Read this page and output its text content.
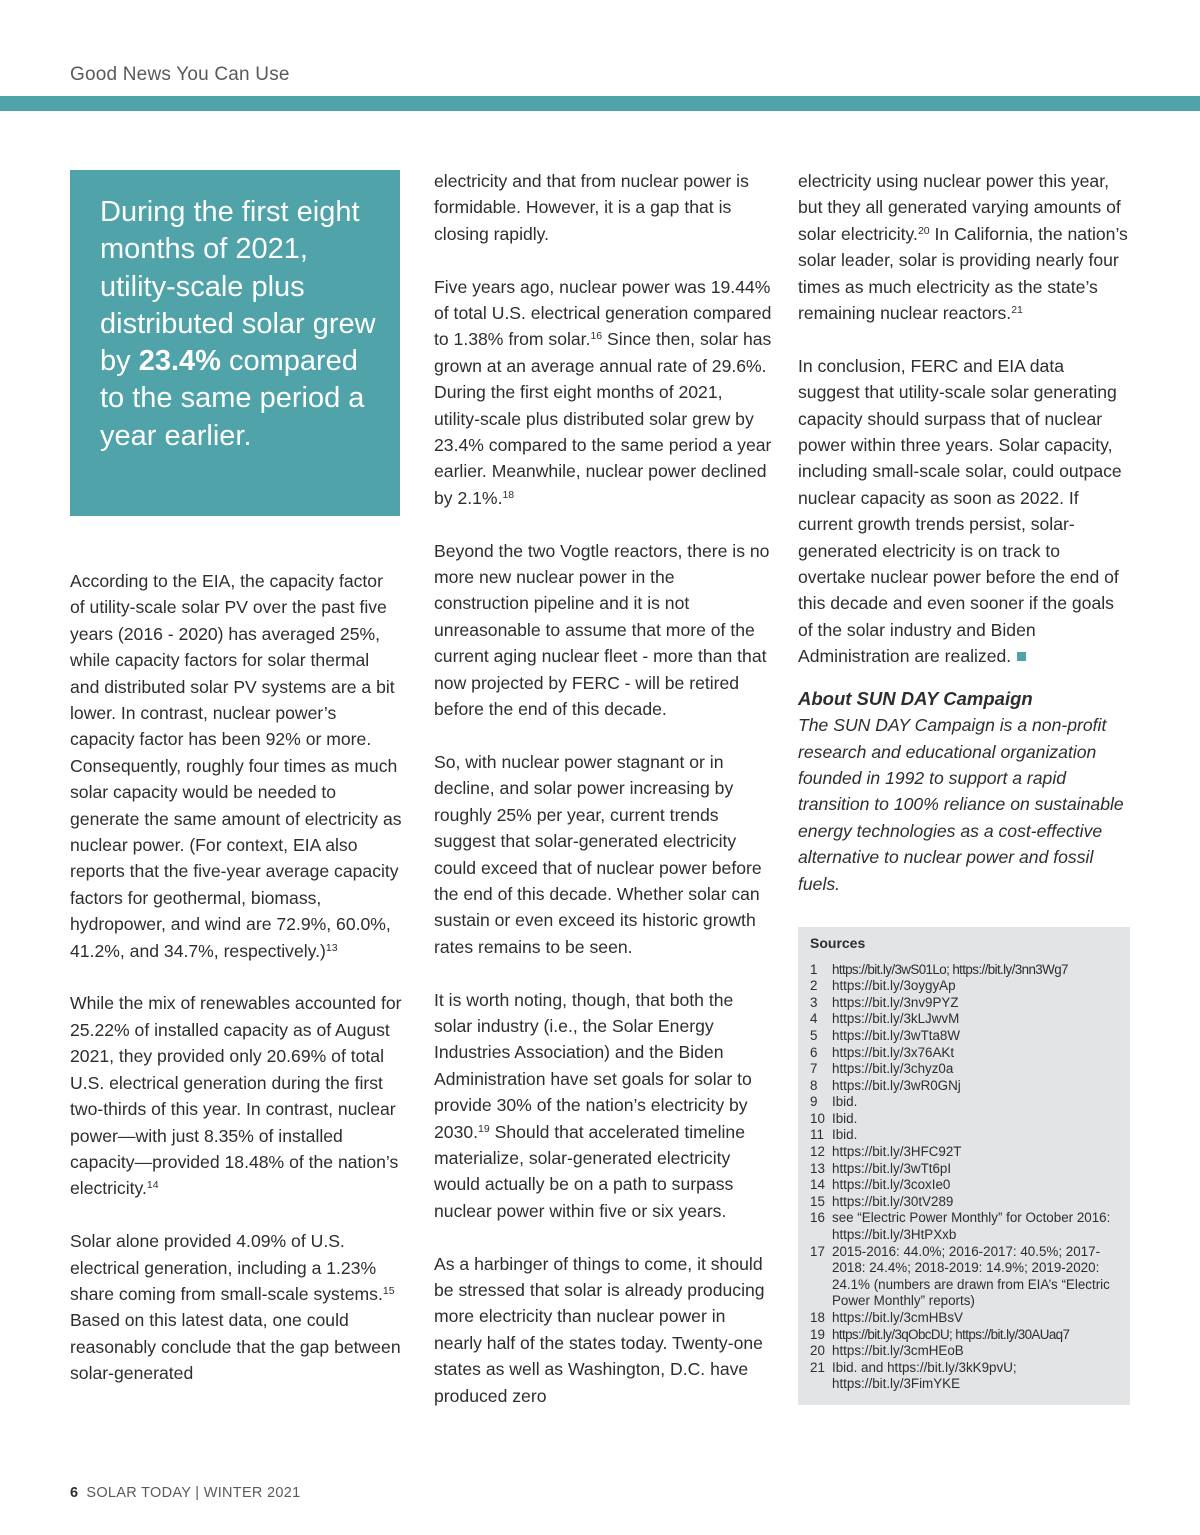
Good News You Can Use
During the first eight months of 2021, utility-scale plus distributed solar grew by 23.4% compared to the same period a year earlier.

According to the EIA, the capacity factor of utility-scale solar PV over the past five years (2016 - 2020) has averaged 25%, while capacity factors for solar thermal and distributed solar PV systems are a bit lower. In contrast, nuclear power’s capacity factor has been 92% or more. Consequently, roughly four times as much solar capacity would be needed to generate the same amount of electricity as nuclear power. (For context, EIA also reports that the five-year average capacity factors for geothermal, biomass, hydropower, and wind are 72.9%, 60.0%, 41.2%, and 34.7%, respectively.)$^{13}$

While the mix of renewables accounted for 25.22% of installed capacity as of August 2021, they provided only 20.69% of total U.S. electrical generation during the first two-thirds of this year. In contrast, nuclear power—with just 8.35% of installed capacity—provided 18.48% of the nation’s electricity.$^{14}$

Solar alone provided 4.09% of U.S. electrical generation, including a 1.23% share coming from small-scale systems.$^{15}$ Based on this latest data, one could reasonably conclude that the gap between solar-generated

electricity and that from nuclear power is formidable. However, it is a gap that is closing rapidly.

Five years ago, nuclear power was 19.44% of total U.S. electrical generation compared to 1.38% from solar.$^{16}$ Since then, solar has grown at an average annual rate of 29.6%. During the first eight months of 2021, utility-scale plus distributed solar grew by 23.4% compared to the same period a year earlier. Meanwhile, nuclear power declined by 2.1%.$^{18}$

Beyond the two Vogtle reactors, there is no more new nuclear power in the construction pipeline and it is not unreasonable to assume that more of the current aging nuclear fleet - more than that now projected by FERC - will be retired before the end of this decade.

So, with nuclear power stagnant or in decline, and solar power increasing by roughly 25% per year, current trends suggest that solar-generated electricity could exceed that of nuclear power before the end of this decade. Whether solar can sustain or even exceed its historic growth rates remains to be seen.

It is worth noting, though, that both the solar industry (i.e., the Solar Energy Industries Association) and the Biden Administration have set goals for solar to provide 30% of the nation’s electricity by 2030.19 Should that accelerated timeline materialize, solar-generated electricity would actually be on a path to surpass nuclear power within five or six years.

As a harbinger of things to come, it should be stressed that solar is already producing more electricity than nuclear power in nearly half of the states today. Twenty-one states as well as Washington, D.C. have produced zero

electricity using nuclear power this year, but they all generated varying amounts of solar electricity.$^{20}$ In California, the nation’s solar leader, solar is providing nearly four times as much electricity as the state’s remaining nuclear reactors.$^{21}$

In conclusion, FERC and EIA data suggest that utility-scale solar generating capacity should surpass that of nuclear power within three years. Solar capacity, including small-scale solar, could outpace nuclear capacity as soon as 2022. If current growth trends persist, solar-generated electricity is on track to overtake nuclear power before the end of this decade and even sooner if the goals of the solar industry and Biden Administration are realized.

About SUN DAY Campaign
The SUN DAY Campaign is a non-profit research and educational organization founded in 1992 to support a rapid transition to 100% reliance on sustainable energy technologies as a cost-effective alternative to nuclear power and fossil fuels.
Sources
1	https://bit.ly/3wS01Lo; https://bit.ly/3nn3Wg7
2	https://bit.ly/3oygyAp
3	https://bit.ly/3nv9PYZ
4	https://bit.ly/3kLJwvM
5	https://bit.ly/3wTta8W
6	https://bit.ly/3x76AKt
7	https://bit.ly/3chyz0a
8	https://bit.ly/3wR0GNj
9	Ibid.
10 Ibid.
11 Ibid.
12 https://bit.ly/3HFC92T
13 https://bit.ly/3wTt6pI
14 https://bit.ly/3coxIe0
15 https://bit.ly/30tV289
16 see “Electric Power Monthly” for October 2016: https://bit.ly/3HtPXxb
17 2015-2016: 44.0%; 2016-2017: 40.5%; 2017-2018: 24.4%; 2018-2019: 14.9%; 2019-2020: 24.1% (numbers are drawn from EIA’s “Electric Power Monthly” reports)
18 https://bit.ly/3cmHBsV
19 https://bit.ly/3qObcDU; https://bit.ly/30AUaq7
20 https://bit.ly/3cmHEoB
21 Ibid. and https://bit.ly/3kK9pvU; https://bit.ly/3FimYKE
6 SOLAR TODAY | WINTER 2021
